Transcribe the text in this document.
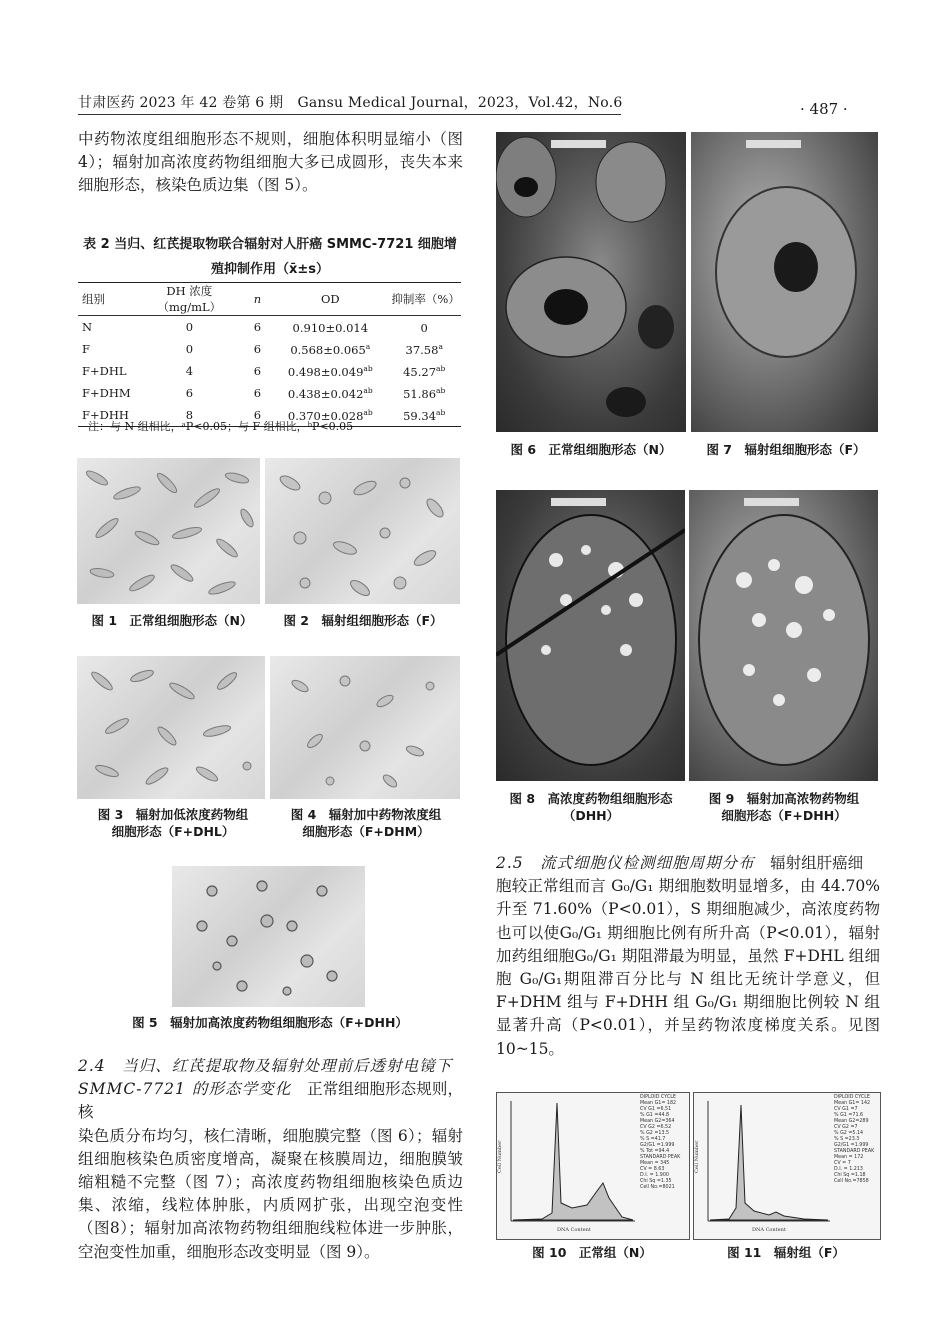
甘肃医药 2023 年 42 卷第 6 期　Gansu Medical Journal，2023，Vol.42，No.6	· 487 ·
中药物浓度组细胞形态不规则，细胞体积明显缩小（图4）；辐射加高浓度药物组细胞大多已成圆形，丧失本来细胞形态，核染色质边集（图 5）。
表 2 当归、红芪提取物联合辐射对人肝癌 SMMC-7721 细胞增
殖抑制作用（x̄±s）
组别	DH 浓度（mg/mL）	n	OD	抑制率（%）
N	0	6	0.910±0.014	0
F	0	6	0.568±0.065$^a$	37.58$^a$
F+DHL	4	6	0.498±0.049$^{ab}$	45.27$^{ab}$
F+DHM	6	6	0.438±0.042$^{ab}$	51.86$^{ab}$
F+DHH	8	6	0.370±0.028$^{ab}$	59.34$^{ab}$
注：与 N 组相比，ᵃP<0.05；与 F 组相比，ᵇP<0.05
图 1　正常组细胞形态（N）	图 2　辐射组细胞形态（F）
图 3　辐射加低浓度药物组
细胞形态（F+DHL）
图 4　辐射加中药物浓度组
细胞形态（F+DHM）
图 5　辐射加高浓度药物组细胞形态（F+DHH）
2.4　当归、红芪提取物及辐射处理前后透射电镜下
SMMC-7721 的形态学变化　 正常组细胞形态规则，核
染色质分布均匀，核仁清晰，细胞膜完整（图 6）；辐射组细胞核染色质密度增高，凝聚在核膜周边，细胞膜皱缩粗糙不完整（图 7）；高浓度药物组细胞核染色质边集、浓缩，线粒体肿胀，内质网扩张，出现空泡变性（图8）；辐射加高浓物药物组细胞线粒体进一步肿胀，空泡变性加重，细胞形态改变明显（图 9）。
图 6　正常组细胞形态（N）	图 7　辐射组细胞形态（F）
图 8　高浓度药物组细胞形态
（DHH）
图 9　辐射加高浓物药物组
细胞形态（F+DHH）
2.5　流式细胞仪检测细胞周期分布　 辐射组肝癌细
胞较正常组而言 G₀/G₁ 期细胞数明显增多，由 44.70% 升至 71.60%（P<0.01），S 期细胞减少，高浓度药物也可以使G₀/G₁ 期细胞比例有所升高（P<0.01），辐射加药组细胞G₀/G₁ 期阻滞最为明显，虽然 F+DHL 组细胞 G₀/G₁期阻滞百分比与 N 组比无统计学意义，但 F+DHM 组与 F+DHH 组 G₀/G₁ 期细胞比例较 N 组显著升高（P<0.01），并呈药物浓度梯度关系。见图 10~15。
Cell Number
DNA Content
DIPLOID CYCLE
Mean G1= 182
CV G1 =6.51
% G1 =44.8
Mean G2=364
CV G2 =6.52
% G2 =13.5
% S =41.7
G2/G1 =1.999
% Tot =94.4
STANDARD PEAK
Mean = 345
CV = 8.63
D.I. = 1.900
Chi Sq =1.35
Cell No.=8021
Cell Number
DNA Content
DIPLOID CYCLE
Mean G1= 142
CV G1 =7
% G1 =71.6
Mean G2=289
CV G2 =7
% G2 =5.14
% S =23.3
G2/G1 =1.999
STANDARD PEAK
Mean = 172
CV = 7
D.I. = 1.213
Chi Sq =1.18
Cell No.=7858
图 10　正常组（N）	图 11　辐射组（F）
